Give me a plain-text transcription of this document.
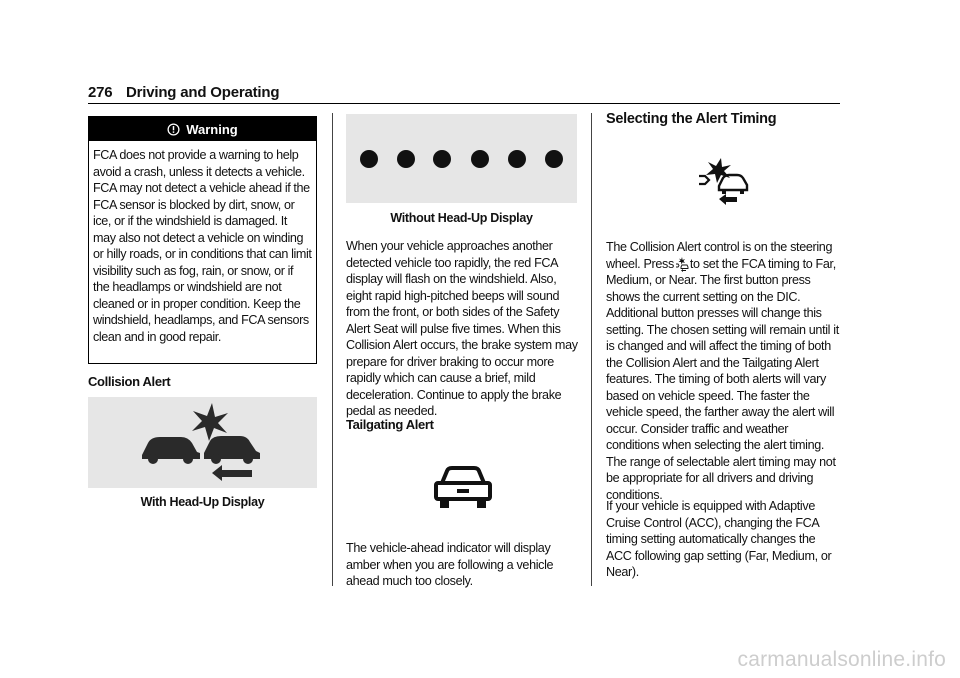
276 Driving and Operating
Warning
FCA does not provide a warning to help avoid a crash, unless it detects a vehicle. FCA may not detect a vehicle ahead if the FCA sensor is blocked by dirt, snow, or ice, or if the windshield is damaged. It may also not detect a vehicle on winding or hilly roads, or in conditions that can limit visibility such as fog, rain, or snow, or if the headlamps or windshield are not cleaned or in proper condition. Keep the windshield, headlamps, and FCA sensors clean and in good repair.
Collision Alert
With Head-Up Display
Without Head-Up Display
When your vehicle approaches another detected vehicle too rapidly, the red FCA display will flash on the windshield. Also, eight rapid high-pitched beeps will sound from the front, or both sides of the Safety Alert Seat will pulse five times. When this Collision Alert occurs, the brake system may prepare for driver braking to occur more rapidly which can cause a brief, mild deceleration. Continue to apply the brake pedal as needed.
Tailgating Alert
The vehicle-ahead indicator will display amber when you are following a vehicle ahead much too closely.
Selecting the Alert Timing
The Collision Alert control is on the steering wheel. Press to set the FCA timing to Far, Medium, or Near. The first button press shows the current setting on the DIC. Additional button presses will change this setting. The chosen setting will remain until it is changed and will affect the timing of both the Collision Alert and the Tailgating Alert features. The timing of both alerts will vary based on vehicle speed. The faster the vehicle speed, the farther away the alert will occur. Consider traffic and weather conditions when selecting the alert timing. The range of selectable alert timing may not be appropriate for all drivers and driving conditions.
If your vehicle is equipped with Adaptive Cruise Control (ACC), changing the FCA timing setting automatically changes the ACC following gap setting (Far, Medium, or Near).
carmanualsonline.info
